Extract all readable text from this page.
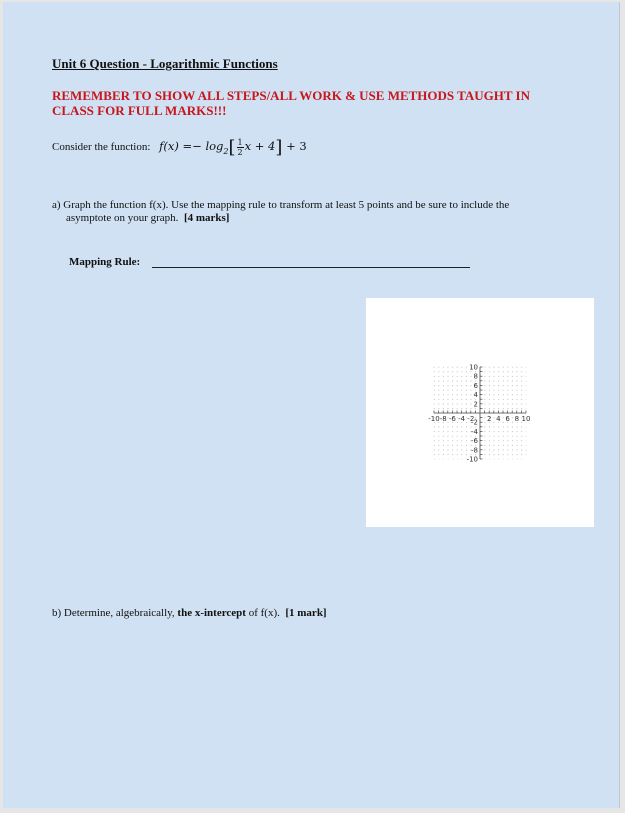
Unit 6 Question - Logarithmic Functions
REMEMBER TO SHOW ALL STEPS/ALL WORK & USE METHODS TAUGHT IN CLASS FOR FULL MARKS!!!
Consider the function: $f(x) =- \log_2[ \frac{1}{2}$ x + 4] + 3
a) Graph the function f(x). Use the mapping rule to transform at least 5 points and be sure to include the
asymptote on your graph. [4 marks]
Mapping Rule:
-10 -8 -6 -4 -2 2 4 6 8 10
10
8
6
4
2
-2
-4
-6
-8
-10
b) Determine, algebraically, the x-intercept of f(x). [1 mark]
